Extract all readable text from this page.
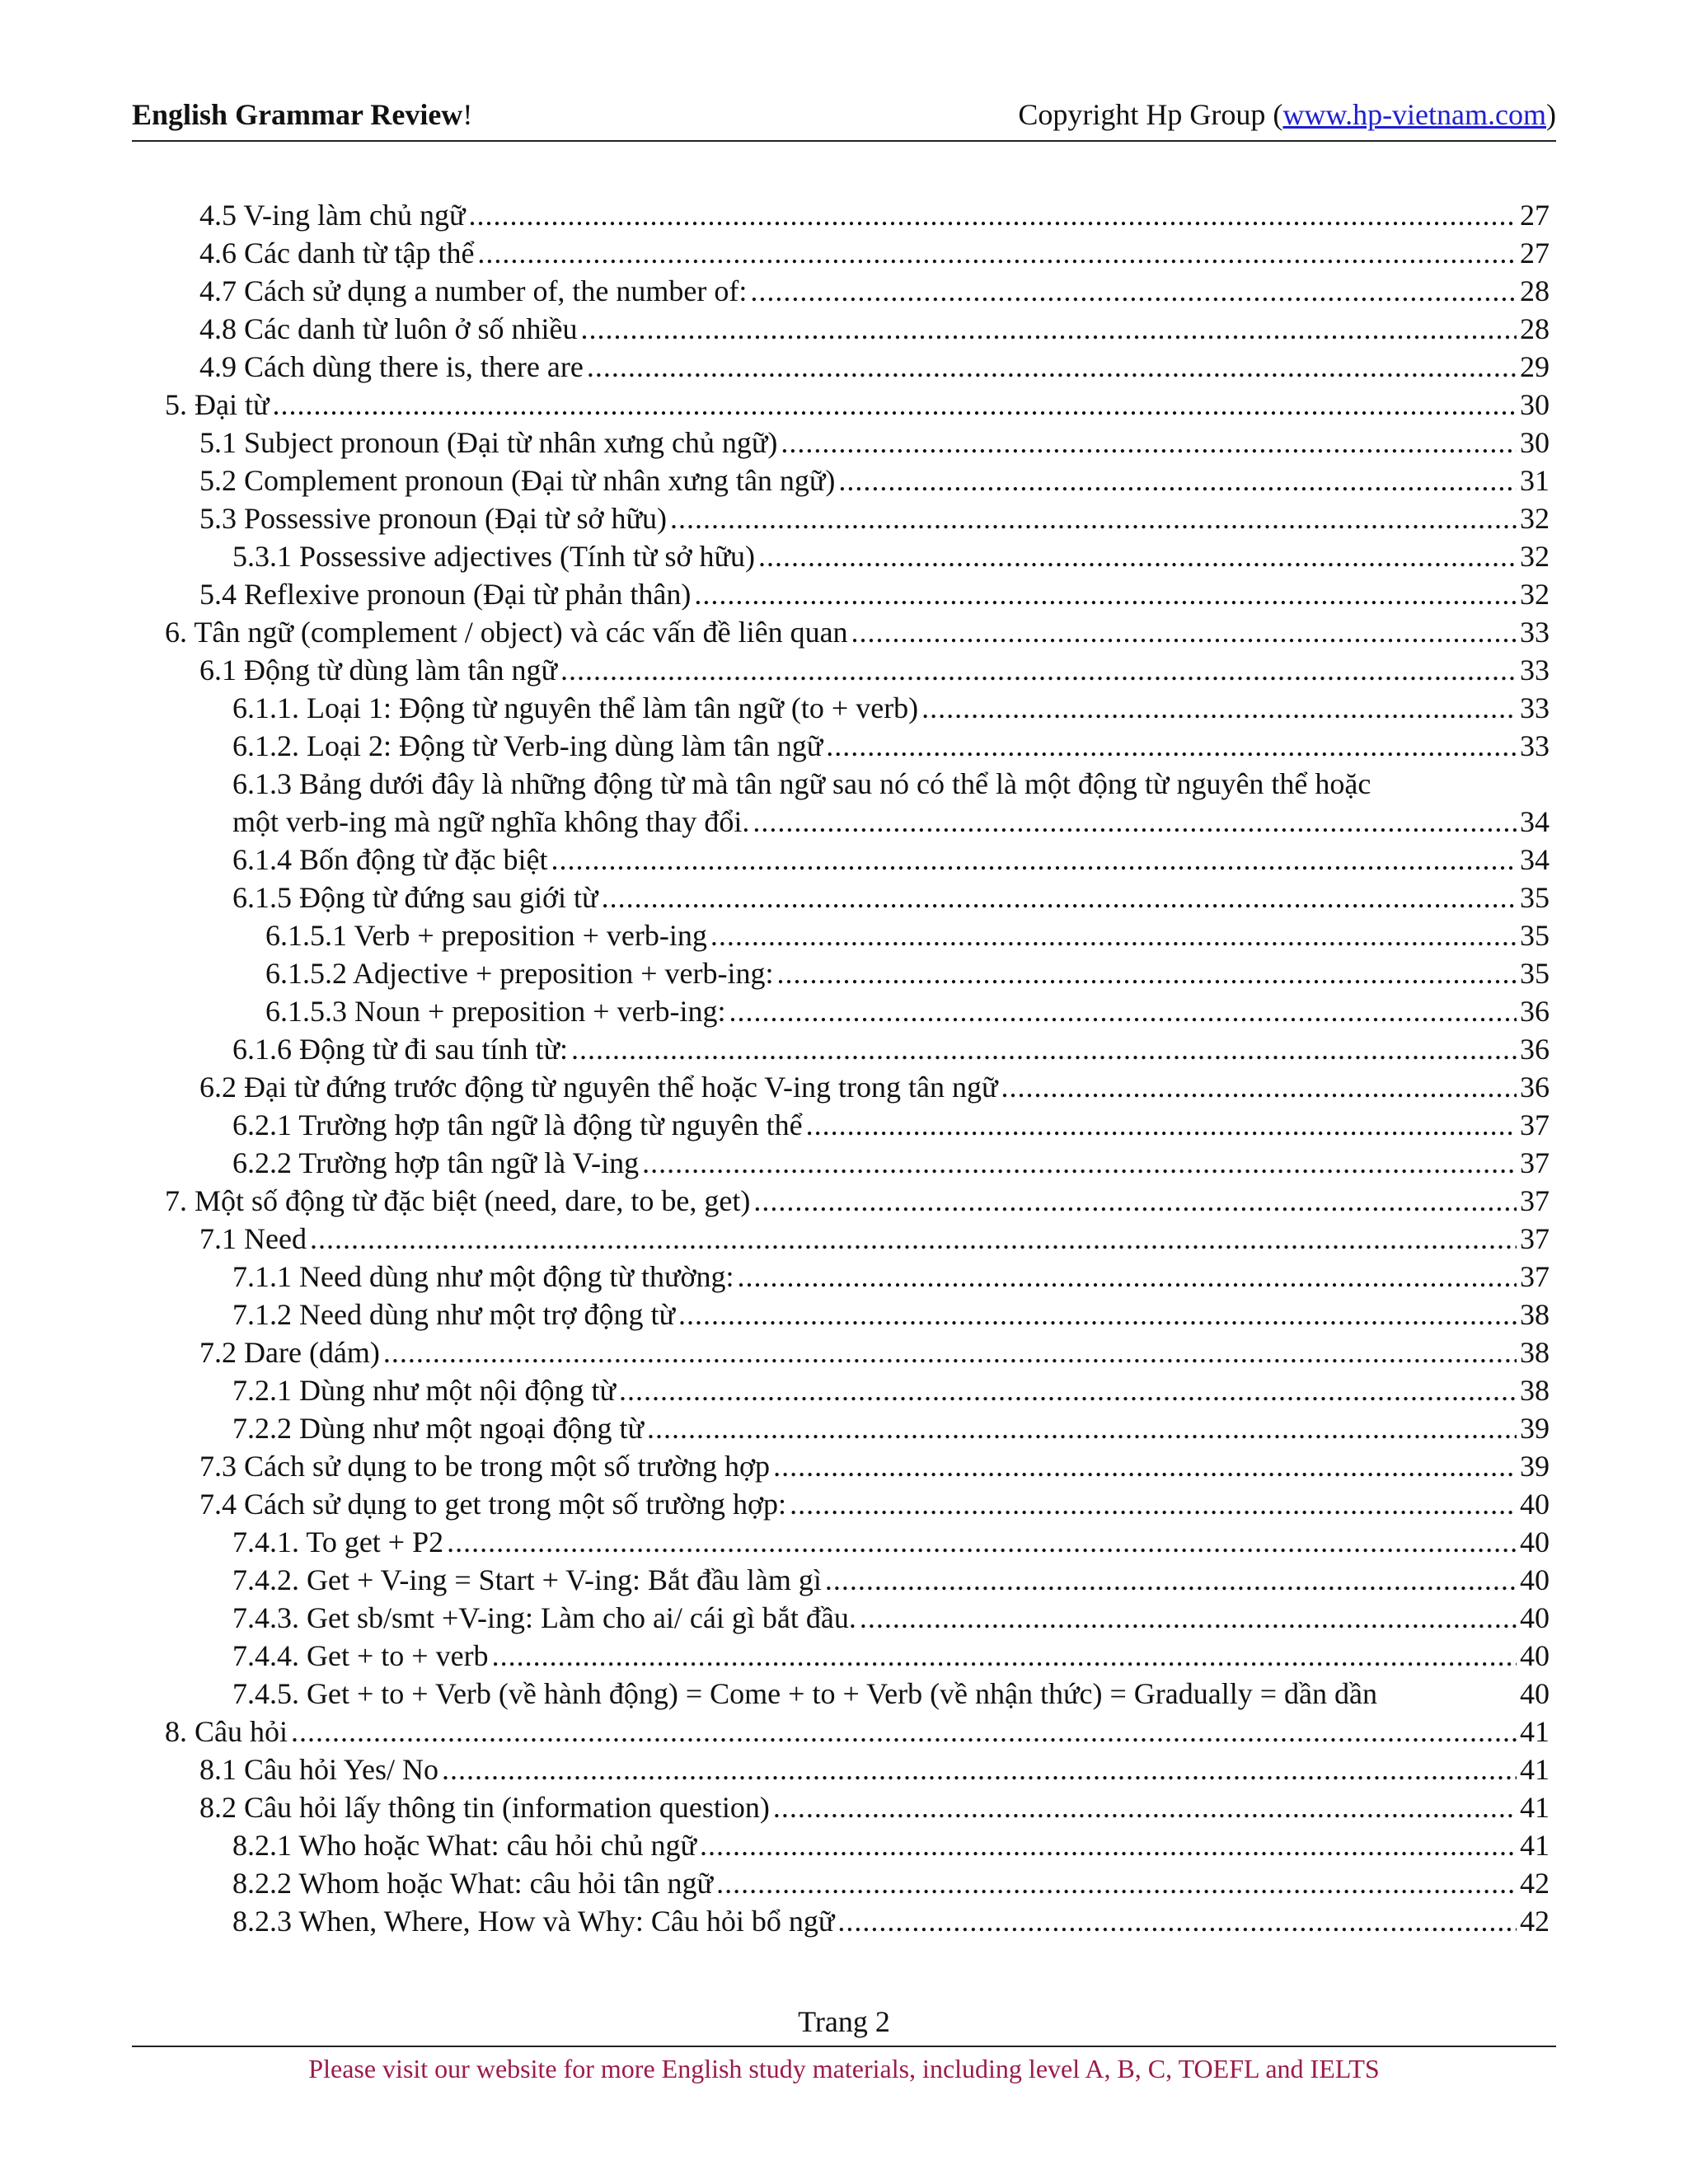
English Grammar Review!	Copyright Hp Group (www.hp-vietnam.com)
4.5 V-ing làm chủ ngữ .....	27
4.6 Các danh từ tập thể .....	27
4.7 Cách sử dụng a number of, the number of: .....	28
4.8 Các danh từ luôn ở số nhiều .....	28
4.9 Cách dùng there is, there are .....	29
5. Đại từ .....	30
5.1 Subject pronoun (Đại từ nhân xưng chủ ngữ) .....	30
5.2 Complement pronoun (Đại từ nhân xưng tân ngữ) .....	31
5.3 Possessive pronoun (Đại từ sở hữu) .....	32
5.3.1 Possessive adjectives (Tính từ sở hữu) .....	32
5.4 Reflexive pronoun (Đại từ phản thân) .....	32
6. Tân ngữ (complement / object) và các vấn đề liên quan .....	33
6.1 Động từ dùng làm tân ngữ .....	33
6.1.1. Loại 1: Động từ nguyên thể làm tân ngữ (to + verb) .....	33
6.1.2. Loại 2: Động từ Verb-ing dùng làm tân ngữ .....	33
6.1.3 Bảng dưới đây là những động từ mà tân ngữ sau nó có thể là một động từ nguyên thể hoặc
một verb-ing mà ngữ nghĩa không thay đổi. .....	34
6.1.4 Bốn động từ đặc biệt .....	34
6.1.5 Động từ đứng sau giới từ .....	35
6.1.5.1 Verb + preposition + verb-ing .....	35
6.1.5.2 Adjective + preposition + verb-ing: .....	35
6.1.5.3 Noun + preposition + verb-ing: .....	36
6.1.6 Động từ đi sau tính từ: .....	36
6.2 Đại từ đứng trước động từ nguyên thể hoặc V-ing trong tân ngữ .....	36
6.2.1 Trường hợp tân ngữ là động từ nguyên thể .....	37
6.2.2 Trường hợp tân ngữ là V-ing .....	37
7. Một số động từ đặc biệt (need, dare, to be, get) .....	37
7.1 Need .....	37
7.1.1 Need dùng như một động từ thường: .....	37
7.1.2 Need dùng như một trợ động từ .....	38
7.2 Dare (dám) .....	38
7.2.1 Dùng như một nội động từ .....	38
7.2.2 Dùng như một ngoại động từ .....	39
7.3 Cách sử dụng to be trong một số trường hợp .....	39
7.4 Cách sử dụng to get trong một số trường hợp: .....	40
7.4.1. To get + P2 .....	40
7.4.2. Get + V-ing = Start + V-ing: Bắt đầu làm gì .....	40
7.4.3. Get sb/smt +V-ing: Làm cho ai/ cái gì bắt đầu. .....	40
7.4.4. Get + to + verb .....	40
7.4.5. Get + to + Verb (về hành động) = Come + to + Verb (về nhận thức) = Gradually = dần dần	40
8. Câu hỏi .....	41
8.1 Câu hỏi Yes/ No .....	41
8.2 Câu hỏi lấy thông tin (information question) .....	41
8.2.1 Who hoặc What: câu hỏi chủ ngữ .....	41
8.2.2 Whom hoặc What: câu hỏi tân ngữ .....	42
8.2.3 When, Where, How và Why: Câu hỏi bổ ngữ .....	42
Trang 2
Please visit our website for more English study materials, including level A, B, C, TOEFL and IELTS
